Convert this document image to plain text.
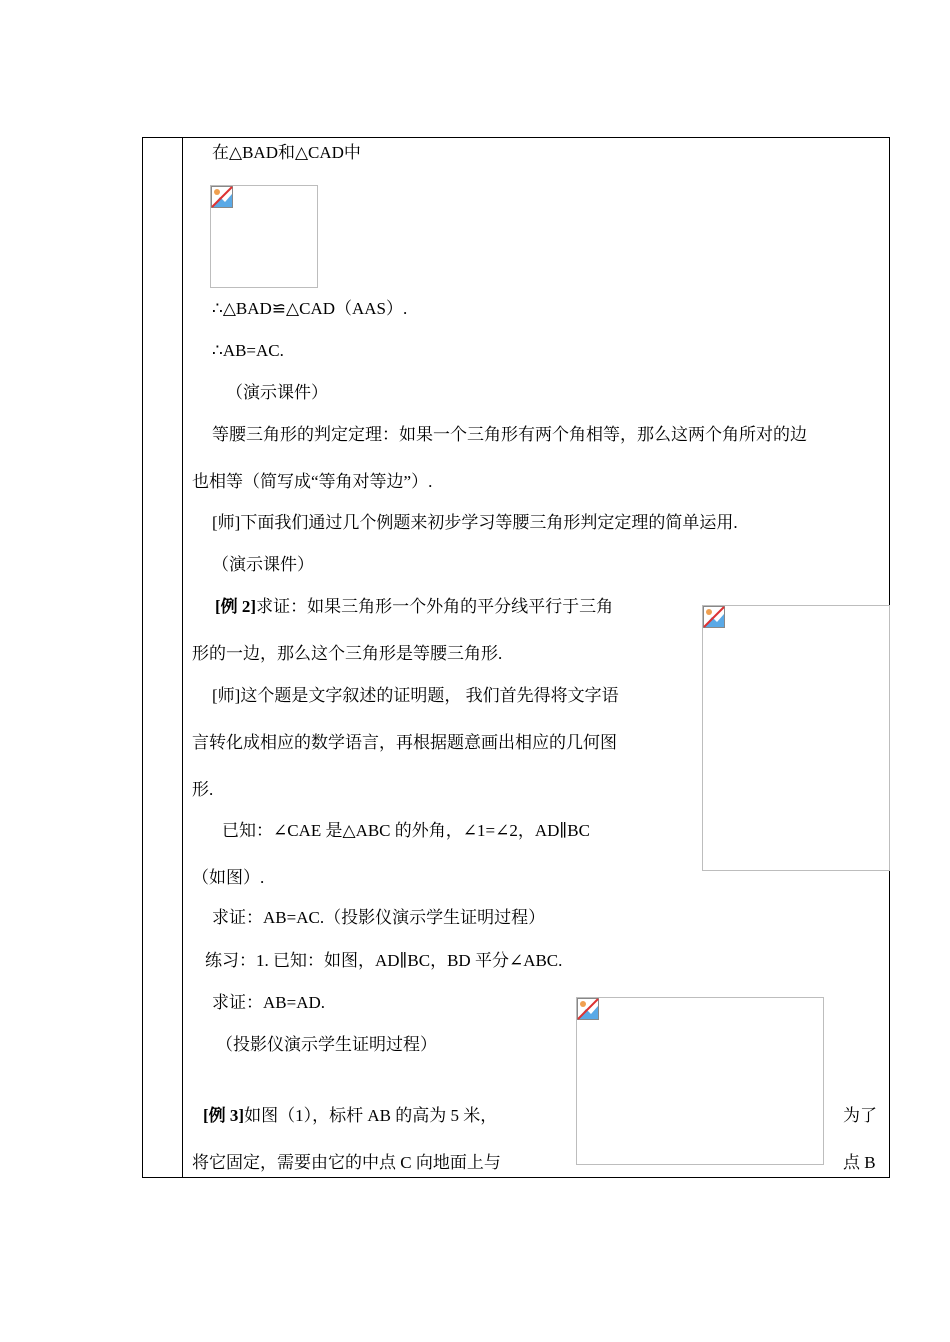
在△BAD和△CAD中
∴△BAD≌△CAD（AAS）.
∴AB=AC.
（演示课件）
等腰三角形的判定定理：如果一个三角形有两个角相等，那么这两个角所对的边
也相等（简写成“等角对等边”）.
[师]下面我们通过几个例题来初步学习等腰三角形判定定理的简单运用.
（演示课件）
[例 2]求证：如果三角形一个外角的平分线平行于三角
形的一边，那么这个三角形是等腰三角形.
[师]这个题是文字叙述的证明题， 我们首先得将文字语
言转化成相应的数学语言，再根据题意画出相应的几何图
形.
已知：∠CAE 是△ABC 的外角，∠1=∠2，AD∥BC
（如图）.
求证：AB=AC.（投影仪演示学生证明过程）
练习：1. 已知：如图，AD∥BC，BD 平分∠ABC.
求证：AB=AD.
（投影仪演示学生证明过程）
[例 3]如图（1），标杆 AB 的高为 5 米，	为了
将它固定，需要由它的中点 C 向地面上与	点 B
